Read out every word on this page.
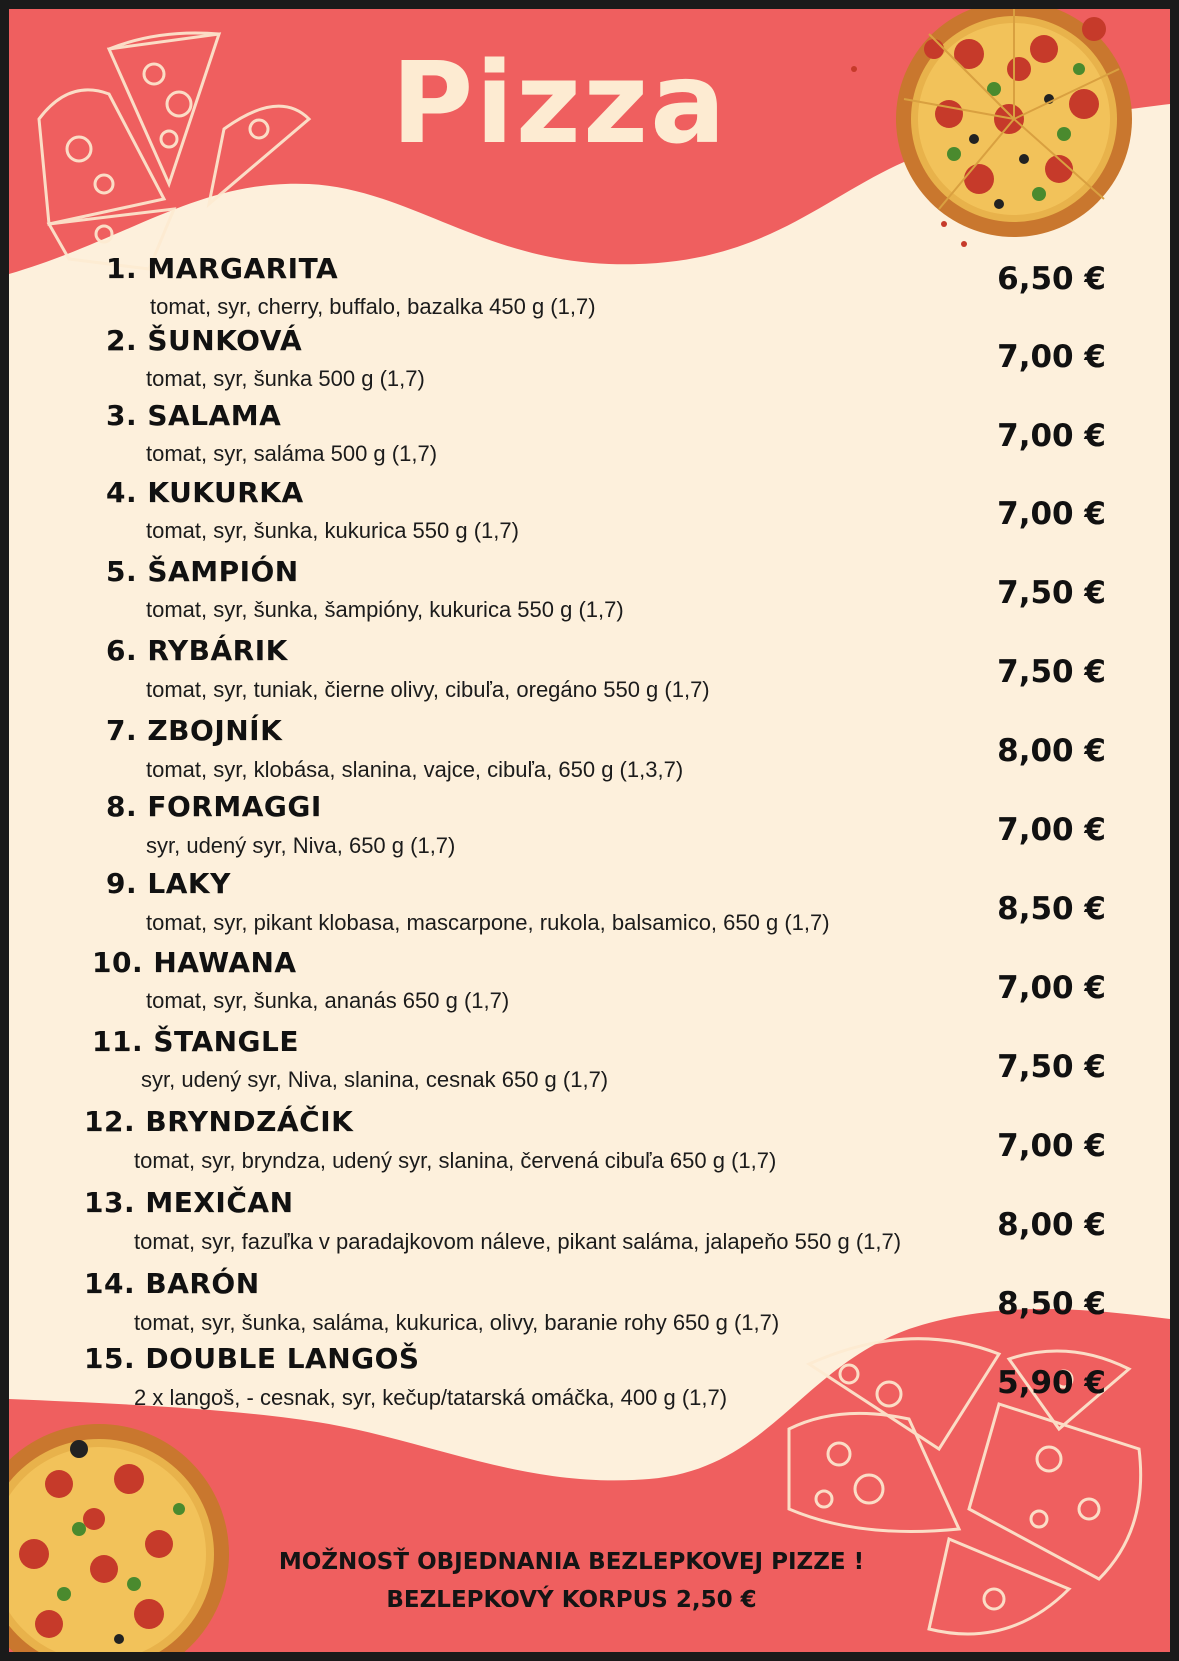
Pizza
1. MARGARITA
tomat, syr, cherry, buffalo, bazalka 450 g (1,7)
6,50 €
2. ŠUNKOVÁ
tomat, syr, šunka 500 g (1,7)
7,00 €
3. SALAMA
tomat, syr, saláma 500 g (1,7)	7,00 €
4. KUKURKA
tomat, syr, šunka, kukurica 550 g (1,7)	7,00 €
5. ŠAMPIÓN
tomat, syr, šunka, šampióny, kukurica 550 g (1,7)	7,50 €
6. RYBÁRIK
tomat, syr, tuniak, čierne olivy, cibuľa, oregáno 550 g (1,7)	7,50 €
7. ZBOJNÍK
tomat, syr, klobása, slanina, vajce, cibuľa, 650 g (1,3,7)
8,00 €
8. FORMAGGI
syr, udený syr, Niva, 650 g (1,7)	7,00 €
9. LAKY
tomat, syr, pikant klobasa, mascarpone, rukola, balsamico, 650 g (1,7)	8,50 €
10. HAWANA
tomat, syr, šunka, ananás 650 g (1,7)	7,00 €
11. ŠTANGLE
syr, udený syr, Niva, slanina, cesnak 650 g (1,7)	7,50 €
12. BRYNDZÁČIK
tomat, syr, bryndza, udený syr, slanina, červená cibuľa 650 g (1,7)	7,00 €
13. MEXIČAN
tomat, syr, fazuľka v paradajkovom náleve, pikant saláma, jalapeňo 550 g (1,7)	8,00 €
14. BARÓN
tomat, syr, šunka, saláma, kukurica, olivy, baranie rohy 650 g (1,7)
8,50 €
15. DOUBLE LANGOŠ
2 x langoš, - cesnak, syr, kečup/tatarská omáčka, 400 g (1,7)	5,90 €
MOŽNOSŤ OBJEDNANIA BEZLEPKOVEJ PIZZE !
BEZLEPKOVÝ KORPUS 2,50 €
